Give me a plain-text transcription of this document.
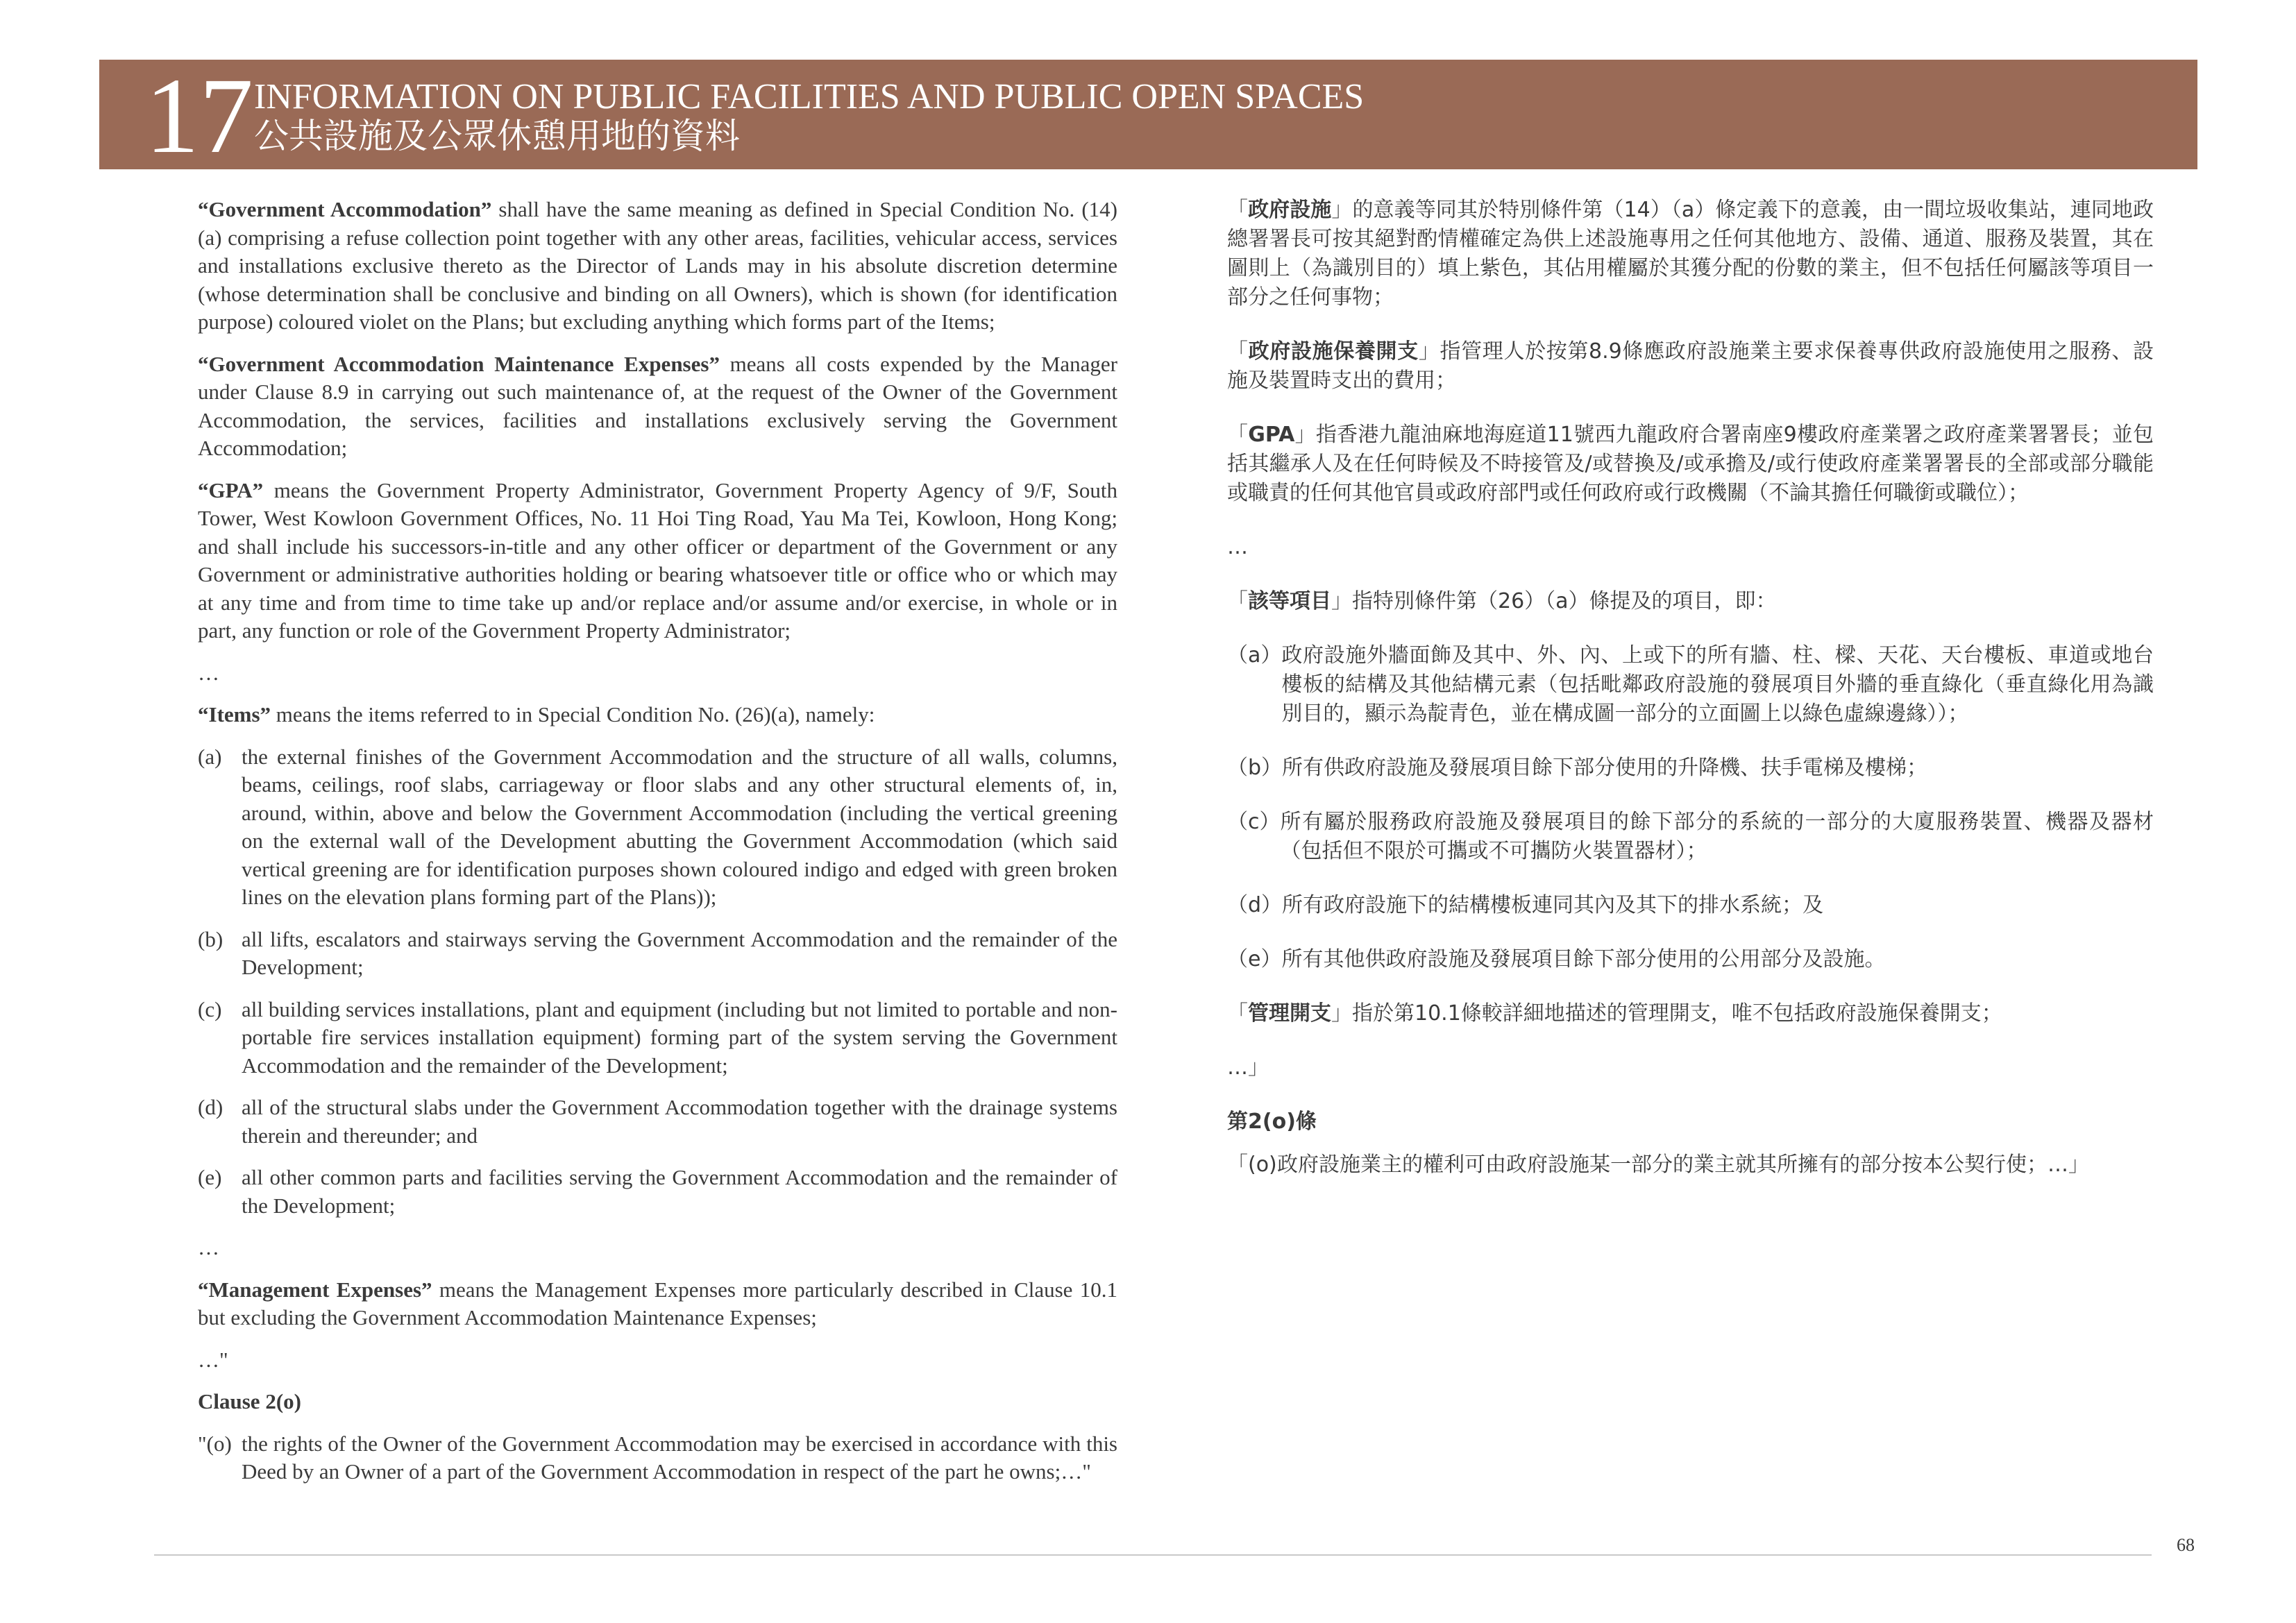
17 INFORMATION ON PUBLIC FACILITIES AND PUBLIC OPEN SPACES
公共設施及公眾休憩用地的資料

“Government Accommodation” shall have the same meaning as defined in Special Condition No. (14)(a) comprising a refuse collection point together with any other areas, facilities, vehicular access, services and installations exclusive thereto as the Director of Lands may in his absolute discretion determine (whose determination shall be conclusive and binding on all Owners), which is shown (for identification purpose) coloured violet on the Plans; but excluding anything which forms part of the Items;

“Government Accommodation Maintenance Expenses” means all costs expended by the Manager under Clause 8.9 in carrying out such maintenance of, at the request of the Owner of the Government Accommodation, the services, facilities and installations exclusively serving the Government Accommodation;

“GPA” means the Government Property Administrator, Government Property Agency of 9/F, South Tower, West Kowloon Government Offices, No. 11 Hoi Ting Road, Yau Ma Tei, Kowloon, Hong Kong; and shall include his successors-in-title and any other officer or department of the Government or any Government or administrative authorities holding or bearing whatsoever title or office who or which may at any time and from time to time take up and/or replace and/or assume and/or exercise, in whole or in part, any function or role of the Government Property Administrator;

…

“Items” means the items referred to in Special Condition No. (26)(a), namely:

(a) the external finishes of the Government Accommodation and the structure of all walls, columns, beams, ceilings, roof slabs, carriageway or floor slabs and any other structural elements of, in, around, within, above and below the Government Accommodation (including the vertical greening on the external wall of the Development abutting the Government Accommodation (which said vertical greening are for identification purposes shown coloured indigo and edged with green broken lines on the elevation plans forming part of the Plans));
(b) all lifts, escalators and stairways serving the Government Accommodation and the remainder of the Development;
(c) all building services installations, plant and equipment (including but not limited to portable and non-portable fire services installation equipment) forming part of the system serving the Government Accommodation and the remainder of the Development;
(d) all of the structural slabs under the Government Accommodation together with the drainage systems therein and thereunder; and
(e) all other common parts and facilities serving the Government Accommodation and the remainder of the Development;

…

“Management Expenses” means the Management Expenses more particularly described in Clause 10.1 but excluding the Government Accommodation Maintenance Expenses;

…"

Clause 2(o)
"(o) the rights of the Owner of the Government Accommodation may be exercised in accordance with this Deed by an Owner of a part of the Government Accommodation in respect of the part he owns;…"

「政府設施」的意義等同其於特別條件第（14）（a）條定義下的意義，由一間垃圾收集站，連同地政總署署長可按其絕對酌情權確定為供上述設施專用之任何其他地方、設備、通道、服務及裝置，其在圖則上（為識別目的）填上紫色，其佔用權屬於其獲分配的份數的業主，但不包括任何屬該等項目一部分之任何事物；

「政府設施保養開支」指管理人於按第8.9條應政府設施業主要求保養專供政府設施使用之服務、設施及裝置時支出的費用；

「GPA」指香港九龍油麻地海庭道11號西九龍政府合署南座9樓政府產業署之政府產業署署長；並包括其繼承人及在任何時候及不時接管及/或替換及/或承擔及/或行使政府產業署署長的全部或部分職能或職責的任何其他官員或政府部門或任何政府或行政機關（不論其擔任何職銜或職位）；

…

「該等項目」指特別條件第（26）（a）條提及的項目，即：

（a） 政府設施外牆面飾及其中、外、內、上或下的所有牆、柱、樑、天花、天台樓板、車道或地台樓板的結構及其他結構元素（包括毗鄰政府設施的發展項目外牆的垂直綠化（垂直綠化用為識別目的，顯示為靛青色，並在構成圖一部分的立面圖上以綠色虛線邊緣））；
（b） 所有供政府設施及發展項目餘下部分使用的升降機、扶手電梯及樓梯；
（c） 所有屬於服務政府設施及發展項目的餘下部分的系統的一部分的大廈服務裝置、機器及器材（包括但不限於可攜或不可攜防火裝置器材）；
（d） 所有政府設施下的結構樓板連同其內及其下的排水系統；及
（e） 所有其他供政府設施及發展項目餘下部分使用的公用部分及設施。

「管理開支」指於第10.1條較詳細地描述的管理開支，唯不包括政府設施保養開支；

…」

第2(o)條
「(o) 政府設施業主的權利可由政府設施某一部分的業主就其所擁有的部分按本公契行使；…」
68
